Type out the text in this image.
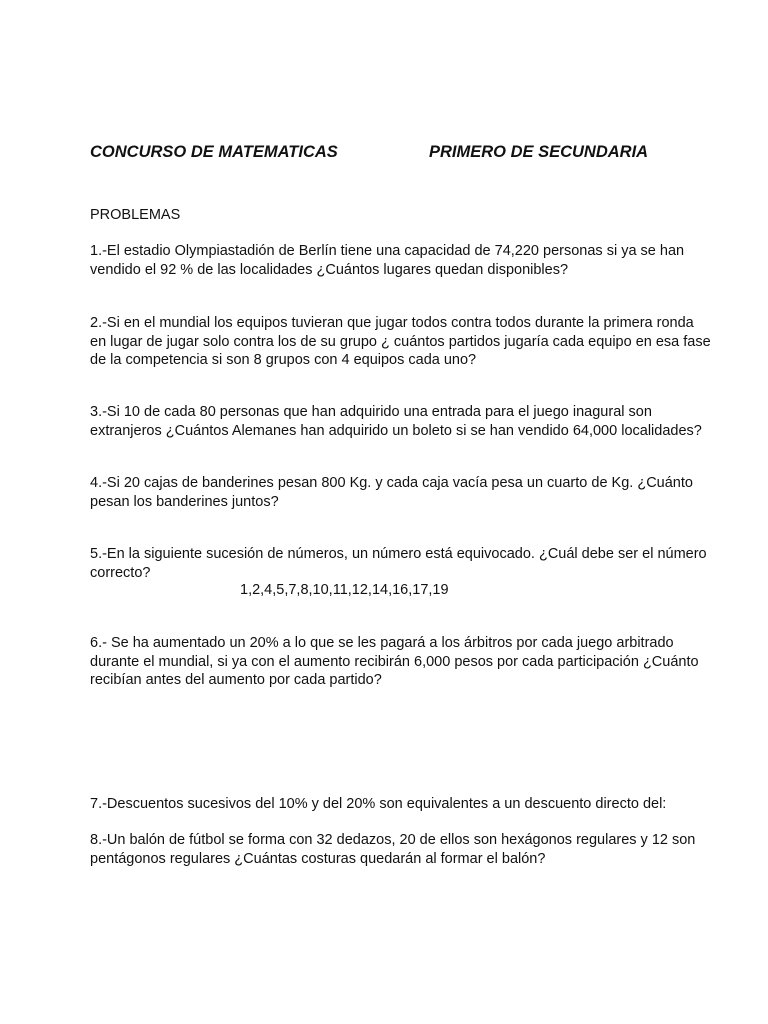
CONCURSO DE MATEMATICAS	PRIMERO DE SECUNDARIA
PROBLEMAS
1.-El estadio Olympiastadión de Berlín tiene una capacidad de 74,220 personas si ya se han
vendido el 92 % de las localidades ¿Cuántos lugares quedan disponibles?
2.-Si en el mundial los equipos tuvieran que jugar todos contra todos durante la primera ronda
en lugar de jugar solo contra los de su grupo ¿ cuántos partidos jugaría cada equipo en esa fase
de la competencia si son 8 grupos con 4 equipos cada uno?
3.-Si 10 de cada 80 personas que han adquirido una entrada para el juego inagural son
extranjeros ¿Cuántos Alemanes han adquirido un boleto si se han vendido 64,000 localidades?
4.-Si 20 cajas de banderines pesan 800 Kg. y cada caja vacía pesa un cuarto de Kg. ¿Cuánto
pesan los banderines juntos?
5.-En la siguiente sucesión de números, un número está equivocado. ¿Cuál debe ser el número
correcto?
1,2,4,5,7,8,10,11,12,14,16,17,19
6.- Se ha aumentado un 20% a lo que se les pagará a los árbitros por cada juego arbitrado
durante el mundial, si ya con el aumento recibirán 6,000 pesos por cada participación ¿Cuánto
recibían antes del aumento por cada partido?
7.-Descuentos sucesivos del 10% y del 20% son equivalentes a un descuento directo del:
8.-Un balón de fútbol se forma con 32 dedazos, 20 de ellos son hexágonos regulares y 12 son
pentágonos regulares ¿Cuántas costuras quedarán al formar el balón?
